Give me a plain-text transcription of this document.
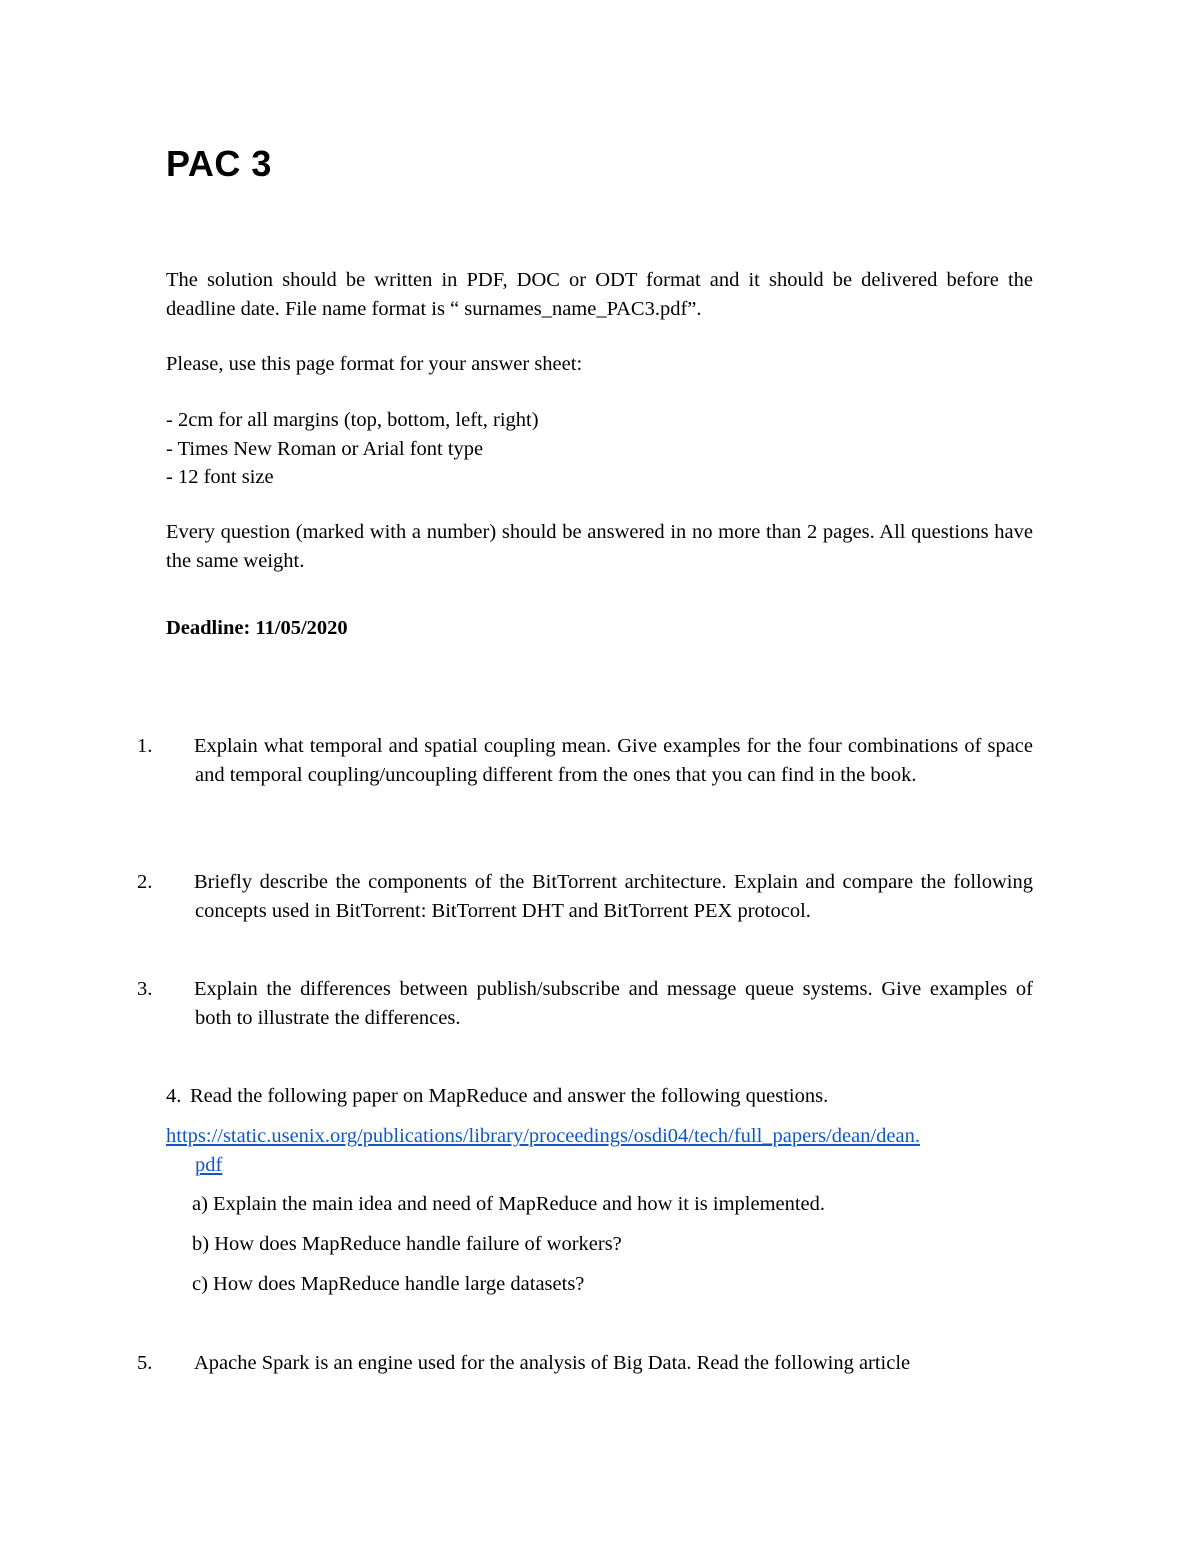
PAC 3

The solution should be written in PDF, DOC or ODT format and it should be delivered before the deadline date. File name format is “ surnames_name_PAC3.pdf”.

Please, use this page format for your answer sheet:

- 2cm for all margins (top, bottom, left, right)
- Times New Roman or Arial font type
- 12 font size

Every question (marked with a number) should be answered in no more than 2 pages. All questions have the same weight.

Deadline: 11/05/2020

1. Explain what temporal and spatial coupling mean. Give examples for the four combinations of space and temporal coupling/uncoupling different from the ones that you can find in the book.

2. Briefly describe the components of the BitTorrent architecture. Explain and compare the following concepts used in BitTorrent: BitTorrent DHT and BitTorrent PEX protocol.

3. Explain the differences between publish/subscribe and message queue systems. Give examples of both to illustrate the differences.

4. Read the following paper on MapReduce and answer the following questions.

https://static.usenix.org/publications/library/proceedings/osdi04/tech/full_papers/dean/dean.
pdf

a) Explain the main idea and need of MapReduce and how it is implemented.

b) How does MapReduce handle failure of workers?

c) How does MapReduce handle large datasets?

5. Apache Spark is an engine used for the analysis of Big Data. Read the following article
